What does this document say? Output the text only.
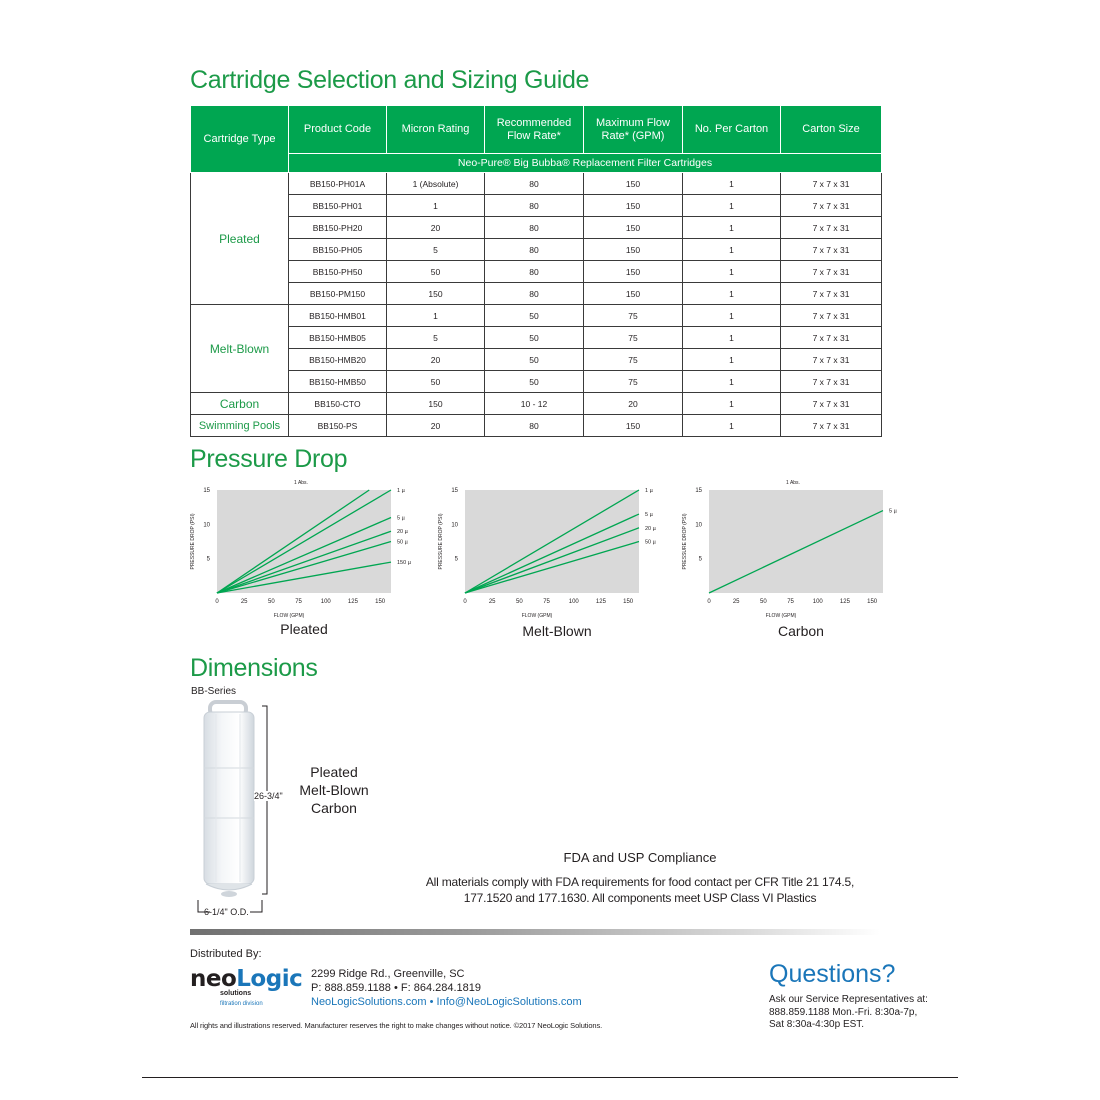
Cartridge Selection and Sizing Guide
Cartridge Type	Product Code	Micron Rating	Recommended Flow Rate*	Maximum Flow Rate* (GPM)	No. Per Carton	Carton Size
	Neo-Pure® Big Bubba® Replacement Filter Cartridges					
Pleated	BB150-PH01A	1 (Absolute)	80	150	1	7 x 7 x 31
	BB150-PH01	1	80	150	1	7 x 7 x 31
	BB150-PH20	20	80	150	1	7 x 7 x 31
	BB150-PH05	5	80	150	1	7 x 7 x 31
	BB150-PH50	50	80	150	1	7 x 7 x 31
	BB150-PM150	150	80	150	1	7 x 7 x 31
Melt-Blown	BB150-HMB01	1	50	75	1	7 x 7 x 31
	BB150-HMB05	5	50	75	1	7 x 7 x 31
	BB150-HMB20	20	50	75	1	7 x 7 x 31
	BB150-HMB50	50	50	75	1	7 x 7 x 31
Carbon	BB150-CTO	150	10 - 12	20	1	7 x 7 x 31
Swimming Pools	BB150-PS	20	80	150	1	7 x 7 x 31
Pressure Drop
0	25	50	75	100	125	150
5
10
15
FLOW (GPM)
PRESSURE DROP (PSI)
1 Abs.
1 µ
5 µ
20 µ
50 µ
150 µ
0	25	50	75	100	125	150
5
10
15
FLOW (GPM)
PRESSURE DROP (PSI)
1 µ
5 µ
20 µ
50 µ
0	25	50	75	100	125	150
5
10
15
FLOW (GPM)
PRESSURE DROP (PSI)
1 Abs.
5 µ
Pleated	Melt-Blown	Carbon
Dimensions
BB-Series
26-3/4"
6-1/4" O.D.
Pleated
Melt-Blown
Carbon
FDA and USP Compliance
All materials comply with FDA requirements for food contact per CFR Title 21 174.5,
177.1520 and 177.1630. All components meet USP Class VI Plastics
Distributed By:
neoLogic
solutions
filtration division
2299 Ridge Rd., Greenville, SC
P: 888.859.1188 • F: 864.284.1819
NeoLogicSolutions.com • Info@NeoLogicSolutions.com
All rights and illustrations reserved. Manufacturer reserves the right to make changes without notice. ©2017 NeoLogic Solutions.
Questions?
Ask our Service Representatives at:
888.859.1188 Mon.-Fri. 8:30a-7p,
Sat 8:30a-4:30p EST.
